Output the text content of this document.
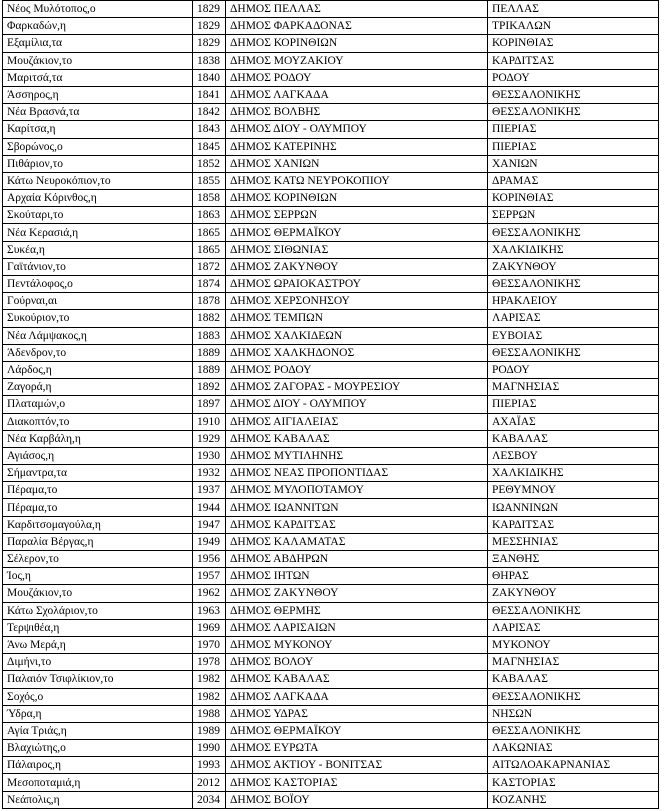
Νέος Μυλότοπος,ο	1829	ΔΗΜΟΣ ΠΕΛΛΑΣ	ΠΕΛΛΑΣ
Φαρκαδών,η	1829	ΔΗΜΟΣ ΦΑΡΚΑΔΟΝΑΣ	ΤΡΙΚΑΛΩΝ
Εξαμίλια,τα	1829	ΔΗΜΟΣ ΚΟΡΙΝΘΙΩΝ	ΚΟΡΙΝΘΙΑΣ
Μουζάκιον,το	1838	ΔΗΜΟΣ ΜΟΥΖΑΚΙΟΥ	ΚΑΡΔΙΤΣΑΣ
Μαριτσά,τα	1840	ΔΗΜΟΣ ΡΟΔΟΥ	ΡΟΔΟΥ
Άσσηρος,η	1841	ΔΗΜΟΣ ΛΑΓΚΑΔΑ	ΘΕΣΣΑΛΟΝΙΚΗΣ
Νέα Βρασνά,τα	1842	ΔΗΜΟΣ ΒΟΛΒΗΣ	ΘΕΣΣΑΛΟΝΙΚΗΣ
Καρίτσα,η	1843	ΔΗΜΟΣ ΔΙΟΥ - ΟΛΥΜΠΟΥ	ΠΙΕΡΙΑΣ
Σβορώνος,ο	1845	ΔΗΜΟΣ ΚΑΤΕΡΙΝΗΣ	ΠΙΕΡΙΑΣ
Πιθάριον,το	1852	ΔΗΜΟΣ ΧΑΝΙΩΝ	ΧΑΝΙΩΝ
Κάτω Νευροκόπιον,το	1855	ΔΗΜΟΣ ΚΑΤΩ ΝΕΥΡΟΚΟΠΙΟΥ	ΔΡΑΜΑΣ
Αρχαία Κόρινθος,η	1858	ΔΗΜΟΣ ΚΟΡΙΝΘΙΩΝ	ΚΟΡΙΝΘΙΑΣ
Σκούταρι,το	1863	ΔΗΜΟΣ ΣΕΡΡΩΝ	ΣΕΡΡΩΝ
Νέα Κερασιά,η	1865	ΔΗΜΟΣ ΘΕΡΜΑΪΚΟΥ	ΘΕΣΣΑΛΟΝΙΚΗΣ
Συκέα,η	1865	ΔΗΜΟΣ ΣΙΘΩΝΙΑΣ	ΧΑΛΚΙΔΙΚΗΣ
Γαϊτάνιον,το	1872	ΔΗΜΟΣ ΖΑΚΥΝΘΟΥ	ΖΑΚΥΝΘΟΥ
Πεντάλοφος,ο	1874	ΔΗΜΟΣ ΩΡΑΙΟΚΑΣΤΡΟΥ	ΘΕΣΣΑΛΟΝΙΚΗΣ
Γούρναι,αι	1878	ΔΗΜΟΣ ΧΕΡΣΟΝΗΣΟΥ	ΗΡΑΚΛΕΙΟΥ
Συκούριον,το	1882	ΔΗΜΟΣ ΤΕΜΠΩΝ	ΛΑΡΙΣΑΣ
Νέα Λάμψακος,η	1883	ΔΗΜΟΣ ΧΑΛΚΙΔΕΩΝ	ΕΥΒΟΙΑΣ
Άδενδρον,το	1889	ΔΗΜΟΣ ΧΑΛΚΗΔΟΝΟΣ	ΘΕΣΣΑΛΟΝΙΚΗΣ
Λάρδος,η	1889	ΔΗΜΟΣ ΡΟΔΟΥ	ΡΟΔΟΥ
Ζαγορά,η	1892	ΔΗΜΟΣ ΖΑΓΟΡΑΣ - ΜΟΥΡΕΣΙΟΥ	ΜΑΓΝΗΣΙΑΣ
Πλαταμών,ο	1897	ΔΗΜΟΣ ΔΙΟΥ - ΟΛΥΜΠΟΥ	ΠΙΕΡΙΑΣ
Διακοπτόν,το	1910	ΔΗΜΟΣ ΑΙΓΙΑΛΕΙΑΣ	ΑΧΑΪΑΣ
Νέα Καρβάλη,η	1929	ΔΗΜΟΣ ΚΑΒΑΛΑΣ	ΚΑΒΑΛΑΣ
Αγιάσος,η	1930	ΔΗΜΟΣ ΜΥΤΙΛΗΝΗΣ	ΛΕΣΒΟΥ
Σήμαντρα,τα	1932	ΔΗΜΟΣ ΝΕΑΣ ΠΡΟΠΟΝΤΙΔΑΣ	ΧΑΛΚΙΔΙΚΗΣ
Πέραμα,το	1937	ΔΗΜΟΣ ΜΥΛΟΠΟΤΑΜΟΥ	ΡΕΘΥΜΝΟΥ
Πέραμα,το	1944	ΔΗΜΟΣ ΙΩΑΝΝΙΤΩΝ	ΙΩΑΝΝΙΝΩΝ
Καρδιτσομαγούλα,η	1947	ΔΗΜΟΣ ΚΑΡΔΙΤΣΑΣ	ΚΑΡΔΙΤΣΑΣ
Παραλία Βέργας,η	1949	ΔΗΜΟΣ ΚΑΛΑΜΑΤΑΣ	ΜΕΣΣΗΝΙΑΣ
Σέλερον,το	1956	ΔΗΜΟΣ ΑΒΔΗΡΩΝ	ΞΑΝΘΗΣ
Ίος,η	1957	ΔΗΜΟΣ ΙΗΤΩΝ	ΘΗΡΑΣ
Μουζάκιον,το	1962	ΔΗΜΟΣ ΖΑΚΥΝΘΟΥ	ΖΑΚΥΝΘΟΥ
Κάτω Σχολάριον,το	1963	ΔΗΜΟΣ ΘΕΡΜΗΣ	ΘΕΣΣΑΛΟΝΙΚΗΣ
Τερψιθέα,η	1969	ΔΗΜΟΣ ΛΑΡΙΣΑΙΩΝ	ΛΑΡΙΣΑΣ
Άνω Μερά,η	1970	ΔΗΜΟΣ ΜΥΚΟΝΟΥ	ΜΥΚΟΝΟΥ
Διμήνι,το	1978	ΔΗΜΟΣ ΒΟΛΟΥ	ΜΑΓΝΗΣΙΑΣ
Παλαιόν Τσιφλίκιον,το	1982	ΔΗΜΟΣ ΚΑΒΑΛΑΣ	ΚΑΒΑΛΑΣ
Σοχός,ο	1982	ΔΗΜΟΣ ΛΑΓΚΑΔΑ	ΘΕΣΣΑΛΟΝΙΚΗΣ
Ύδρα,η	1988	ΔΗΜΟΣ ΥΔΡΑΣ	ΝΗΣΩΝ
Αγία Τριάς,η	1989	ΔΗΜΟΣ ΘΕΡΜΑΪΚΟΥ	ΘΕΣΣΑΛΟΝΙΚΗΣ
Βλαχιώτης,ο	1990	ΔΗΜΟΣ ΕΥΡΩΤΑ	ΛΑΚΩΝΙΑΣ
Πάλαιρος,η	1993	ΔΗΜΟΣ ΑΚΤΙΟΥ - ΒΟΝΙΤΣΑΣ	ΑΙΤΩΛΟΑΚΑΡΝΑΝΙΑΣ
Μεσοποταμιά,η	2012	ΔΗΜΟΣ ΚΑΣΤΟΡΙΑΣ	ΚΑΣΤΟΡΙΑΣ
Νεάπολις,η	2034	ΔΗΜΟΣ ΒΟΪΟΥ	ΚΟΖΑΝΗΣ
